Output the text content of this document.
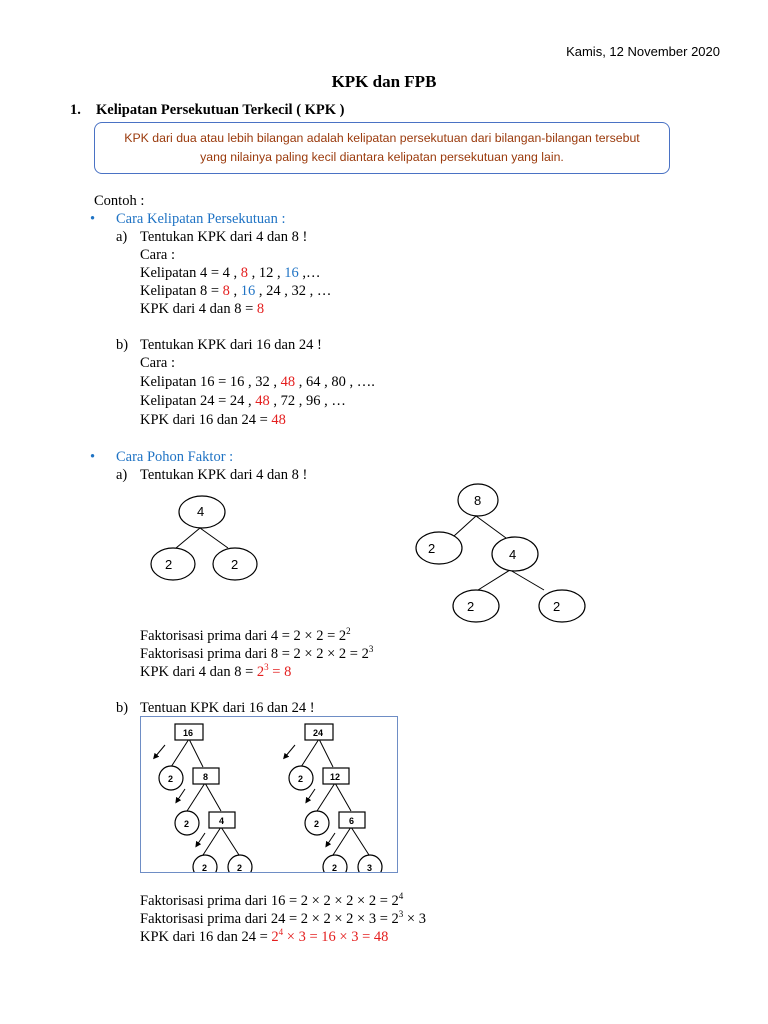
Kamis, 12 November 2020
KPK dan FPB
1. Kelipatan Persekutuan Terkecil ( KPK )
KPK dari dua atau lebih bilangan adalah kelipatan persekutuan dari bilangan-bilangan tersebut
yang nilainya paling kecil diantara kelipatan persekutuan yang lain.
Contoh :
• Cara Kelipatan Persekutuan :
a) Tentukan KPK dari 4 dan 8 !
Cara :
Kelipatan 4 = 4 , 8 , 12 , 16 ,…
Kelipatan 8 = 8 , 16 , 24 , 32 , …
KPK dari 4 dan 8 = 8
b) Tentukan KPK dari 16 dan 24 !
Cara :
Kelipatan 16 = 16 , 32 , 48 , 64 , 80 , ….
Kelipatan 24 = 24 , 48 , 72 , 96 , …
KPK dari 16 dan 24 = 48
• Cara Pohon Faktor :
a) Tentukan KPK dari 4 dan 8 !
4
2	2
8
2	4
2	2
Faktorisasi prima dari $4 = 2 \times 2 = 2^2$
Faktorisasi prima dari $8 = 2 \times 2 \times 2 = 2^3$
KPK dari 4 dan $8 = 2^3 = 8$
b) Tentuan KPK dari 16 dan 24 !
16
2	8
2	4
2	2
24
2	12
2	6
2	3
Faktorisasi prima dari $16 = 2 \times 2 \times 2 \times 2 = 2^4$
Faktorisasi prima dari $24 = 2 \times 2 \times 2 \times 3 = 2^3 \times 3$
KPK dari 16 dan $24 = 2^4 \times 3 = 16 \times 3 = 48$
